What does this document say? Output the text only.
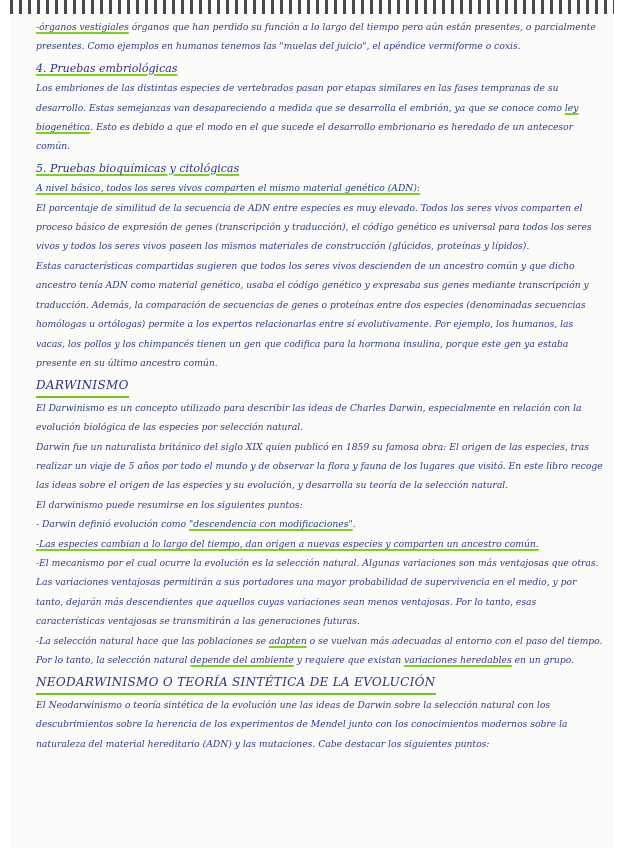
-órganos vestigiales órganos que han perdido su función a lo largo del tiempo pero aún están presentes, o parcialmente presentes. Como ejemplos en humanos tenemos las "muelas del juicio", el apéndice vermiforme o coxis.

4. Pruebas embriológicas

Los embriones de las distintas especies de vertebrados pasan por etapas similares en las fases tempranas de su desarrollo. Estas semejanzas van desapareciendo a medida que se desarrolla el embrión, ya que se conoce como ley biogenética. Esto es debido a que el modo en el que sucede el desarrollo embrionario es heredado de un antecesor común.

5. Pruebas bioquímicas y citológicas

A nivel básico, todos los seres vivos comparten el mismo material genético (ADN):

El porcentaje de similitud de la secuencia de ADN entre especies es muy elevado. Todos los seres vivos comparten el proceso básico de expresión de genes (transcripción y traducción), el código genético es universal para todos los seres vivos y todos los seres vivos poseen los mismos materiales de construcción (glúcidos, proteínas y lípidos).

Estas características compartidas sugieren que todos los seres vivos descienden de un ancestro común y que dicho ancestro tenía ADN como material genético, usaba el código genético y expresaba sus genes mediante transcripción y traducción. Además, la comparación de secuencias de genes o proteínas entre dos especies (denominadas secuencias homólogas u ortólogas) permite a los expertos relacionarlas entre sí evolutivamente. Por ejemplo, los humanos, las vacas, los pollos y los chimpancés tienen un gen que codifica para la hormona insulina, porque este gen ya estaba presente en su último ancestro común.

DARWINISMO

El Darwinismo es un concepto utilizado para describir las ideas de Charles Darwin, especialmente en relación con la evolución biológica de las especies por selección natural.

Darwin fue un naturalista británico del siglo XIX quien publicó en 1859 su famosa obra: El origen de las especies, tras realizar un viaje de 5 años por todo el mundo y de observar la flora y fauna de los lugares que visitó. En este libro recoge las ideas sobre el origen de las especies y su evolución, y desarrolla su teoría de la selección natural.

El darwinismo puede resumirse en los siguientes puntos:

- Darwin definió evolución como "descendencia con modificaciones".

-Las especies cambian a lo largo del tiempo, dan origen a nuevas especies y comparten un ancestro común.

-El mecanismo por el cual ocurre la evolución es la selección natural. Algunas variaciones son más ventajosas que otras. Las variaciones ventajosas permitirán a sus portadores una mayor probabilidad de supervivencia en el medio, y por tanto, dejarán más descendientes que aquellos cuyas variaciones sean menos ventajosas. Por lo tanto, esas características ventajosas se transmitirán a las generaciones futuras.

-La selección natural hace que las poblaciones se adapten o se vuelvan más adecuadas al entorno con el paso del tiempo. Por lo tanto, la selección natural depende del ambiente y requiere que existan variaciones heredables en un grupo.

NEODARWINISMO O TEORÍA SINTÉTICA DE LA EVOLUCIÓN

El Neodarwinismo o teoría sintética de la evolución une las ideas de Darwin sobre la selección natural con los descubrimientos sobre la herencia de los experimentos de Mendel junto con los conocimientos modernos sobre la naturaleza del material hereditario (ADN) y las mutaciones. Cabe destacar los siguientes puntos:
